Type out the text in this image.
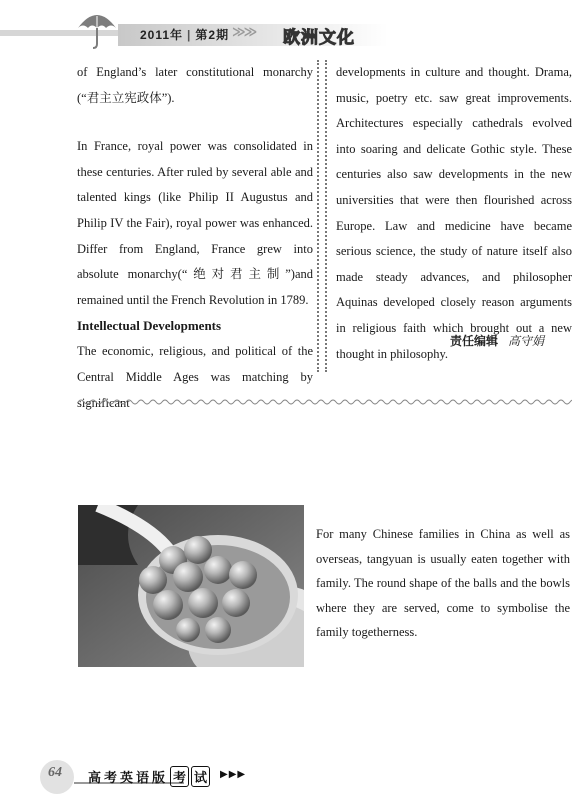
2011年 | 第2期 ≫≫ 欧洲文化

of England’s later constitutional monarchy (“君主立宪政体”).

In France, royal power was consolidated in these centuries. After ruled by several able and talented kings (like Philip II Augustus and Philip IV the Fair), royal power was enhanced. Differ from England, France grew into absolute monarchy(“绝对君主制”)and remained until the French Revolution in 1789.

Intellectual Developments

The economic, religious, and political of the Central Middle Ages was matching by significant

developments in culture and thought. Drama, music, poetry etc. saw great improvements. Architectures especially cathedrals evolved into soaring and delicate Gothic style. These centuries also saw developments in the new universities that were then flourished across Europe. Law and medicine have became serious science, the study of nature itself also made steady advances, and philosopher Aquinas developed closely reason arguments in religious faith which brought out a new thought in philosophy.

责任编辑 高守娟
For many Chinese families in China as well as overseas, tangyuan is usually eaten together with family. The round shape of the balls and the bowls where they are served, come to symbolise the family togetherness.
64 高考英语版 考 试	▶▶▶
